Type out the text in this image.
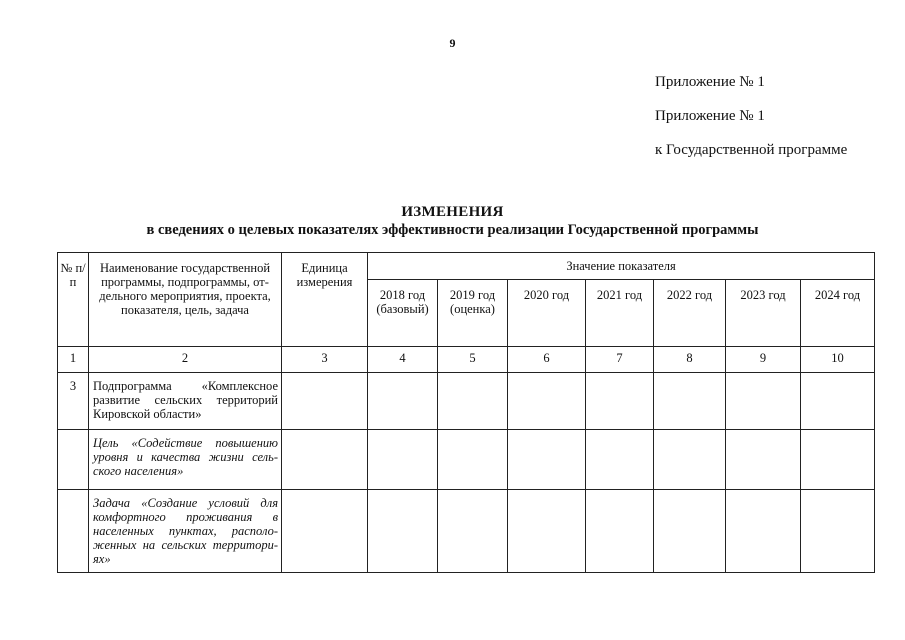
9
Приложение № 1
Приложение № 1
к Государственной программе
ИЗМЕНЕНИЯ
в сведениях о целевых показателях эффективности реализации Государственной программы
№ п/п	Наименование государственной программы, подпрограммы, отдельного мероприятия, проекта, показателя, цель, задача	Единица измерения	Значение показателя						
			2018 год (базовый)	2019 год (оценка)	2020 год	2021 год	2022 год	2023 год	2024 год
1	2	3	4	5	6	7	8	9	10
3	Подпрограмма «Комплексное развитие сельских территорий Кировской области»								
	Цель «Содействие повышению уровня и качества жизни сельского населения»								
	Задача «Создание условий для комфортного проживания в населенных пунктах, расположенных на сельских территориях»								
